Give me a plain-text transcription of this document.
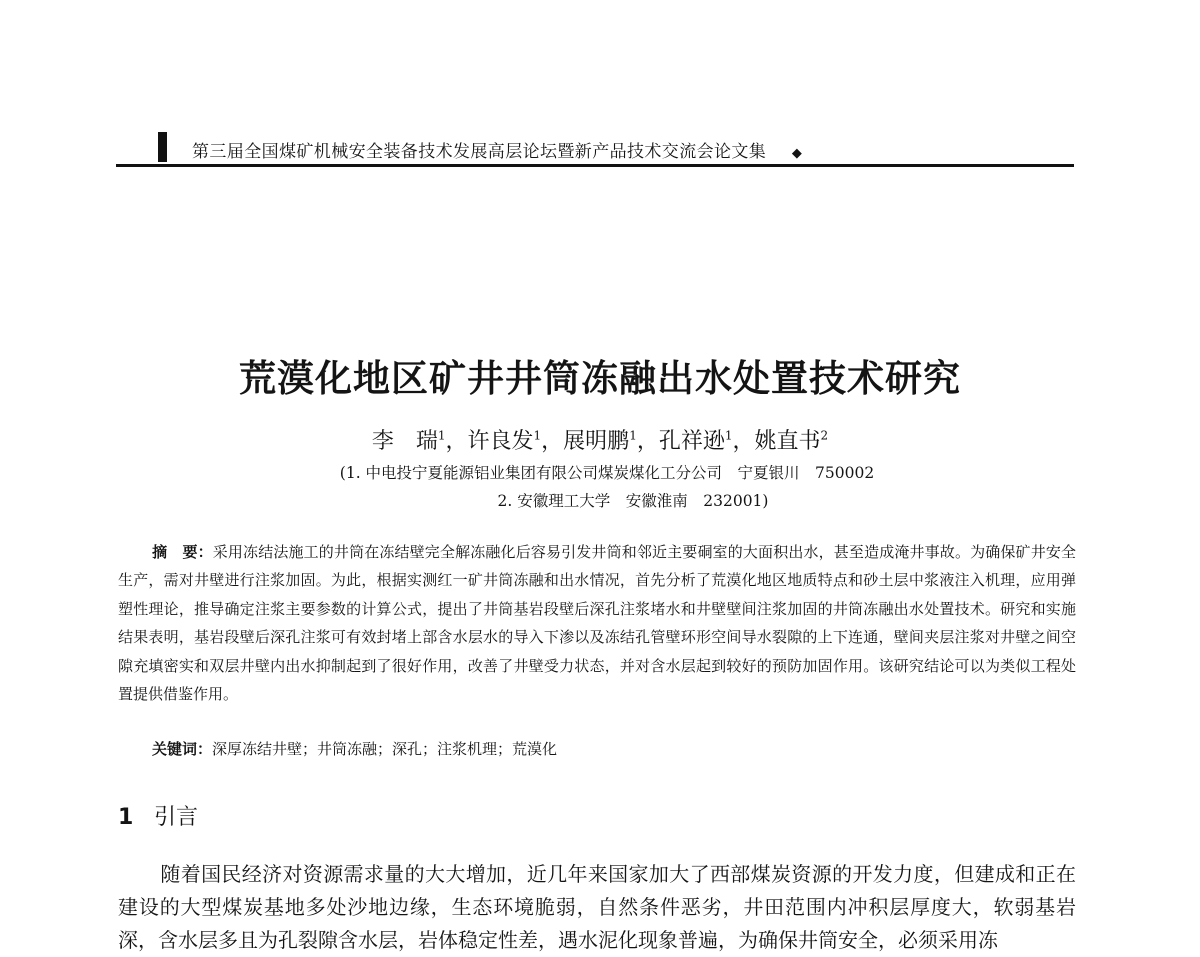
第三届全国煤矿机械安全装备技术发展高层论坛暨新产品技术交流会论文集 ◆
荒漠化地区矿井井筒冻融出水处置技术研究
李　瑞$^1$，许良发$^1$，展明鹏$^1$，孔祥逊$^1$，姚直书$^2$
(1. 中电投宁夏能源铝业集团有限公司煤炭煤化工分公司　宁夏银川　750002
2. 安徽理工大学　安徽淮南　232001)
摘　要：采用冻结法施工的井筒在冻结壁完全解冻融化后容易引发井筒和邻近主要硐室的大面积出水，甚至造成淹井事故。为确保矿井安全生产，需对井壁进行注浆加固。为此，根据实测红一矿井筒冻融和出水情况，首先分析了荒漠化地区地质特点和砂土层中浆液注入机理，应用弹塑性理论，推导确定注浆主要参数的计算公式，提出了井筒基岩段壁后深孔注浆堵水和井壁壁间注浆加固的井筒冻融出水处置技术。研究和实施结果表明，基岩段壁后深孔注浆可有效封堵上部含水层水的导入下渗以及冻结孔管壁环形空间导水裂隙的上下连通，壁间夹层注浆对井壁之间空隙充填密实和双层井壁内出水抑制起到了很好作用，改善了井壁受力状态，并对含水层起到较好的预防加固作用。该研究结论可以为类似工程处置提供借鉴作用。
关键词：深厚冻结井壁；井筒冻融；深孔；注浆机理；荒漠化
1 引言
随着国民经济对资源需求量的大大增加，近几年来国家加大了西部煤炭资源的开发力度，但建成和正在建设的大型煤炭基地多处沙地边缘，生态环境脆弱，自然条件恶劣，井田范围内冲积层厚度大，软弱基岩深，含水层多且为孔裂隙含水层，岩体稳定性差，遇水泥化现象普遍，为确保井筒安全，必须采用冻
